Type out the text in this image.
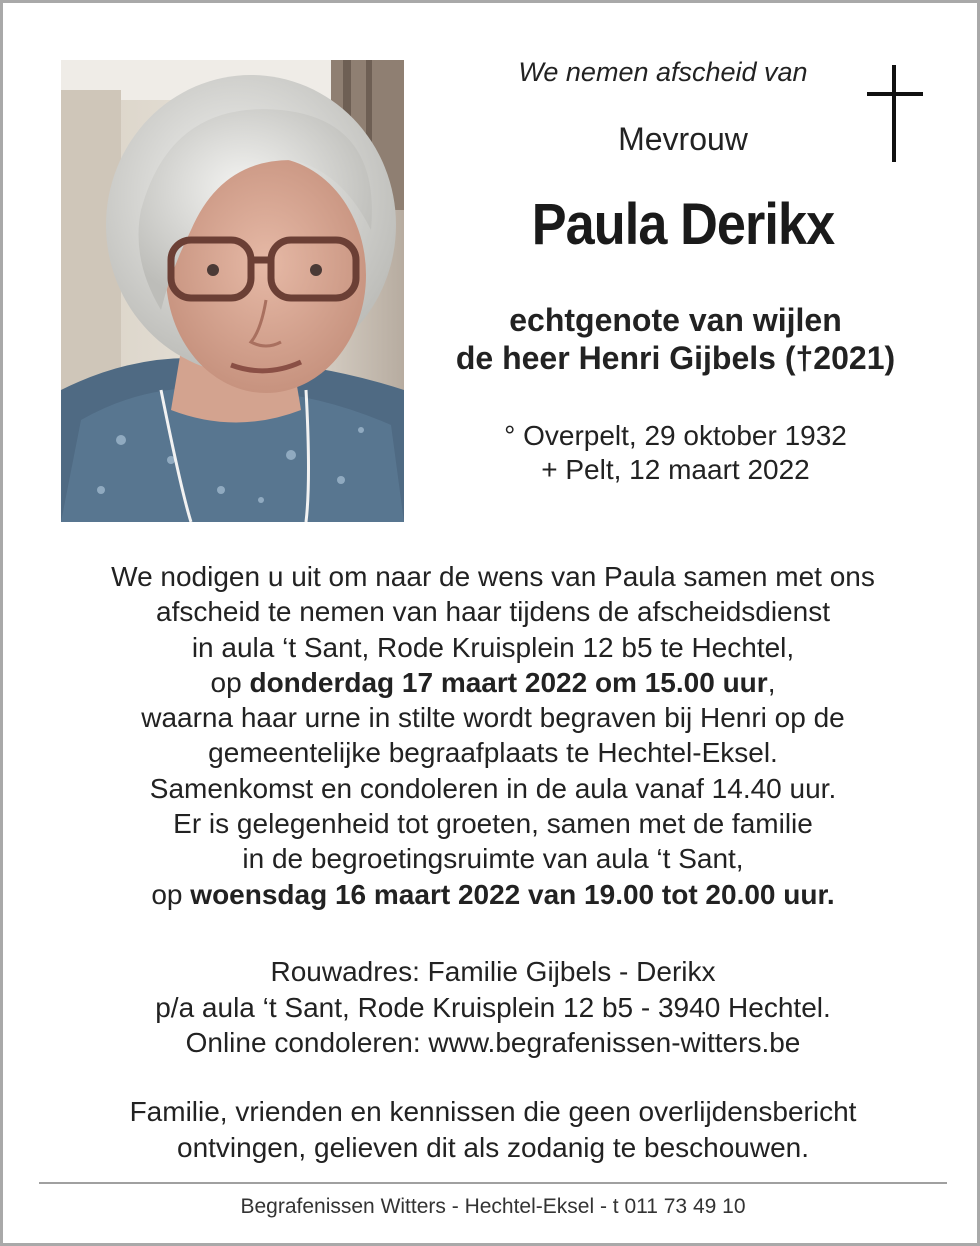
We nemen afscheid van
Mevrouw
Paula Derikx
echtgenote van wijlen
de heer Henri Gijbels (†2021)
° Overpelt, 29 oktober 1932
+ Pelt, 12 maart 2022
We nodigen u uit om naar de wens van Paula samen met ons
afscheid te nemen van haar tijdens de afscheidsdienst
in aula ‘t Sant, Rode Kruisplein 12 b5 te Hechtel,
op donderdag 17 maart 2022 om 15.00 uur,
waarna haar urne in stilte wordt begraven bij Henri op de
gemeentelijke begraafplaats te Hechtel-Eksel.
Samenkomst en condoleren in de aula vanaf 14.40 uur.
Er is gelegenheid tot groeten, samen met de familie
in de begroetingsruimte van aula ‘t Sant,
op woensdag 16 maart 2022 van 19.00 tot 20.00 uur.
Rouwadres: Familie Gijbels - Derikx
p/a aula ‘t Sant, Rode Kruisplein 12 b5 - 3940 Hechtel.
Online condoleren: www.begrafenissen-witters.be
Familie, vrienden en kennissen die geen overlijdensbericht
ontvingen, gelieven dit als zodanig te beschouwen.
Begrafenissen Witters - Hechtel-Eksel - t 011 73 49 10
